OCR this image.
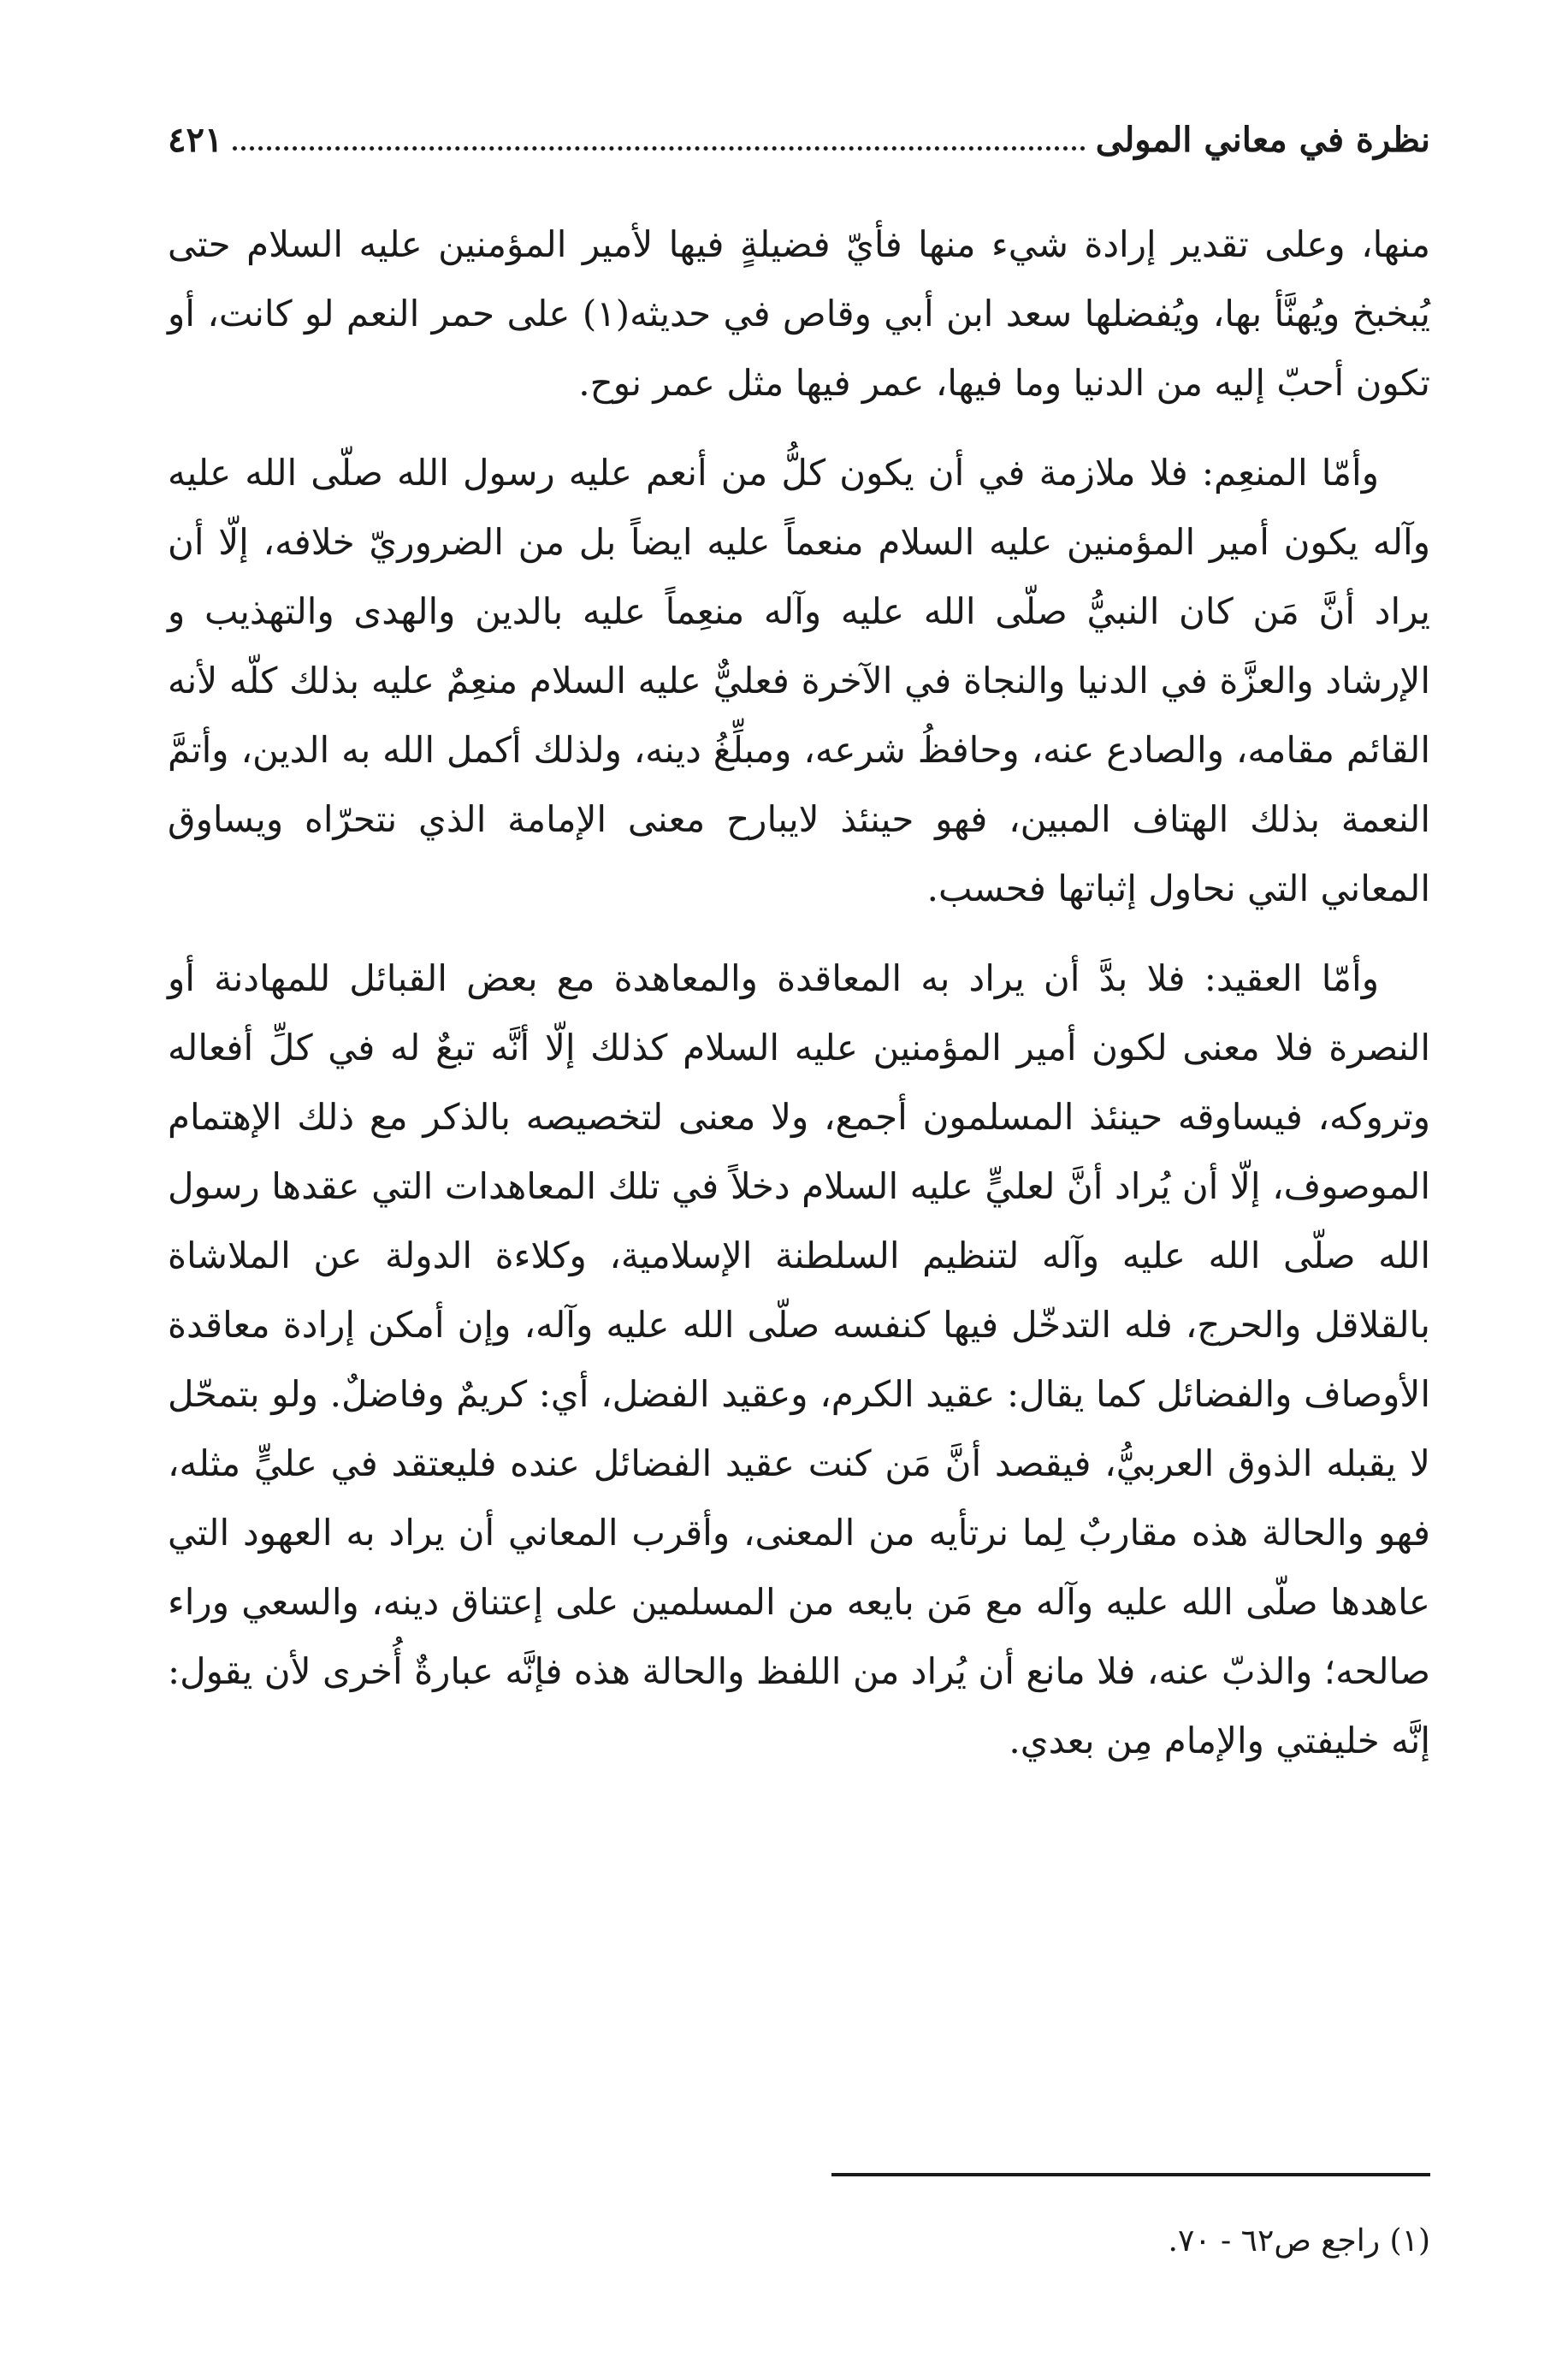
نظرة في معاني المولى
٤٢١

منها، وعلى تقدير إرادة شيء منها فأيّ فضيلةٍ فيها لأمير المؤمنين عليه السلام حتى يُبخبخ ويُهنَّأ بها، ويُفضلها سعد ابن أبي وقاص في حديثه(١) على حمر النعم لو كانت، أو تكون أحبّ إليه من الدنيا وما فيها، عمر فيها مثل عمر نوح.

وأمّا المنعِم: فلا ملازمة في أن يكون كلُّ من أنعم عليه رسول الله صلّى الله عليه وآله يكون أمير المؤمنين عليه السلام منعماً عليه ايضاً بل من الضروريّ خلافه، إلّا أن يراد أنَّ مَن كان النبيُّ صلّى الله عليه وآله منعِماً عليه بالدين والهدى والتهذيب و الإرشاد والعزَّة في الدنيا والنجاة في الآخرة فعليٌّ عليه السلام منعِمٌ عليه بذلك كلّه لأنه القائم مقامه، والصادع عنه، وحافظُ شرعه، ومبلِّغُ دينه، ولذلك أكمل الله به الدين، وأتمَّ النعمة بذلك الهتاف المبين، فهو حينئذ لايبارح معنى الإمامة الذي نتحرّاه ويساوق المعاني التي نحاول إثباتها فحسب.

وأمّا العقيد: فلا بدَّ أن يراد به المعاقدة والمعاهدة مع بعض القبائل للمهادنة أو النصرة فلا معنى لكون أمير المؤمنين عليه السلام كذلك إلّا أنَّه تبعٌ له في كلِّ أفعاله وتروكه، فيساوقه حينئذ المسلمون أجمع، ولا معنى لتخصيصه بالذكر مع ذلك الإهتمام الموصوف، إلّا أن يُراد أنَّ لعليٍّ عليه السلام دخلاً في تلك المعاهدات التي عقدها رسول الله صلّى الله عليه وآله لتنظيم السلطنة الإسلامية، وكلاءة الدولة عن الملاشاة بالقلاقل والحرج، فله التدخّل فيها كنفسه صلّى الله عليه وآله، وإن أمكن إرادة معاقدة الأوصاف والفضائل كما يقال: عقيد الكرم، وعقيد الفضل، أي: كريمٌ وفاضلٌ. ولو بتمحّل لا يقبله الذوق العربيُّ، فيقصد أنَّ مَن كنت عقيد الفضائل عنده فليعتقد في عليٍّ مثله، فهو والحالة هذه مقاربٌ لِما نرتأيه من المعنى، وأقرب المعاني أن يراد به العهود التي عاهدها صلّى الله عليه وآله مع مَن بايعه من المسلمين على إعتناق دينه، والسعي وراء صالحه؛ والذبّ عنه، فلا مانع أن يُراد من اللفظ والحالة هذه فإنَّه عبارةٌ أُخرى لأن يقول: إنَّه خليفتي والإمام مِن بعدي.

(١) راجع ص٦٢ - ٧٠.
